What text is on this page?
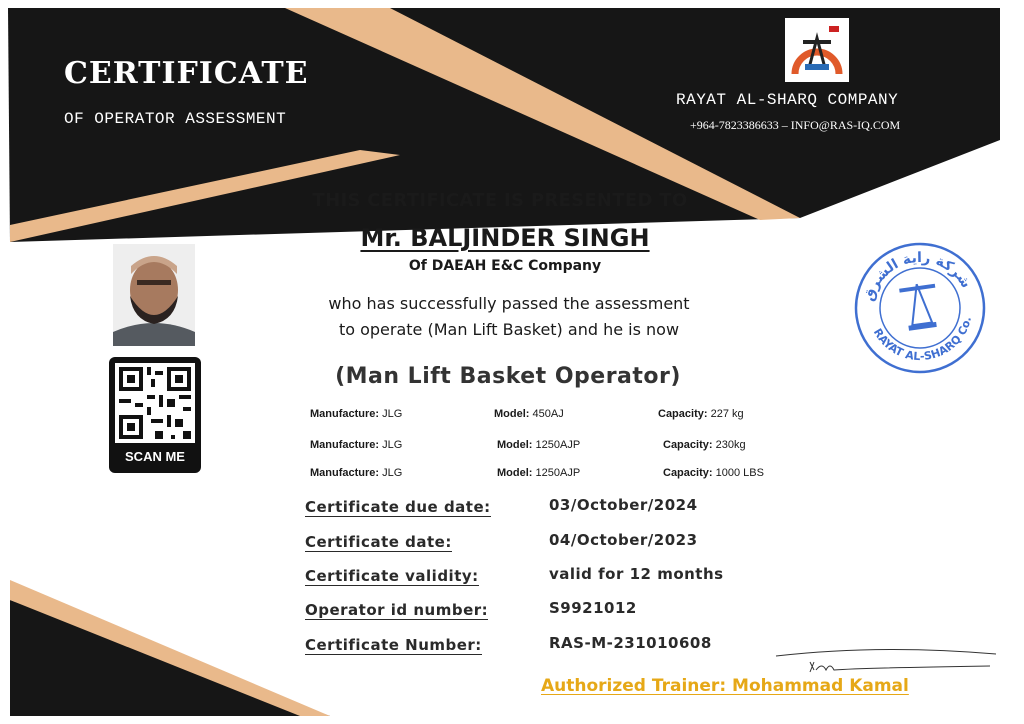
CERTIFICATE
OF OPERATOR ASSESSMENT
RAYAT AL-SHARQ COMPANY
+964-7823386633 – INFO@RAS-IQ.COM
THIS CERTIFICATE IS PRESENTED TO
Mr. BALJINDER SINGH
Of DAEAH E&C Company
who has successfully passed the assessment
to operate (Man Lift Basket) and he is now
(Man Lift Basket Operator)
SCAN ME
Manufacture: JLG	Model: 450AJ	Capacity: 227 kg
Manufacture: JLG	Model: 1250AJP	Capacity: 230kg
Manufacture: JLG	Model: 1250AJP	Capacity: 1000 LBS
Certificate due date:	03/October/2024
Certificate date:	04/October/2023
Certificate validity:	valid for 12 months
Operator id number:	S9921012
Certificate Number:	RAS-M-231010608
شركة راية الشرق
RAYAT AL-SHARQ Co.
Authorized Trainer: Mohammad Kamal
